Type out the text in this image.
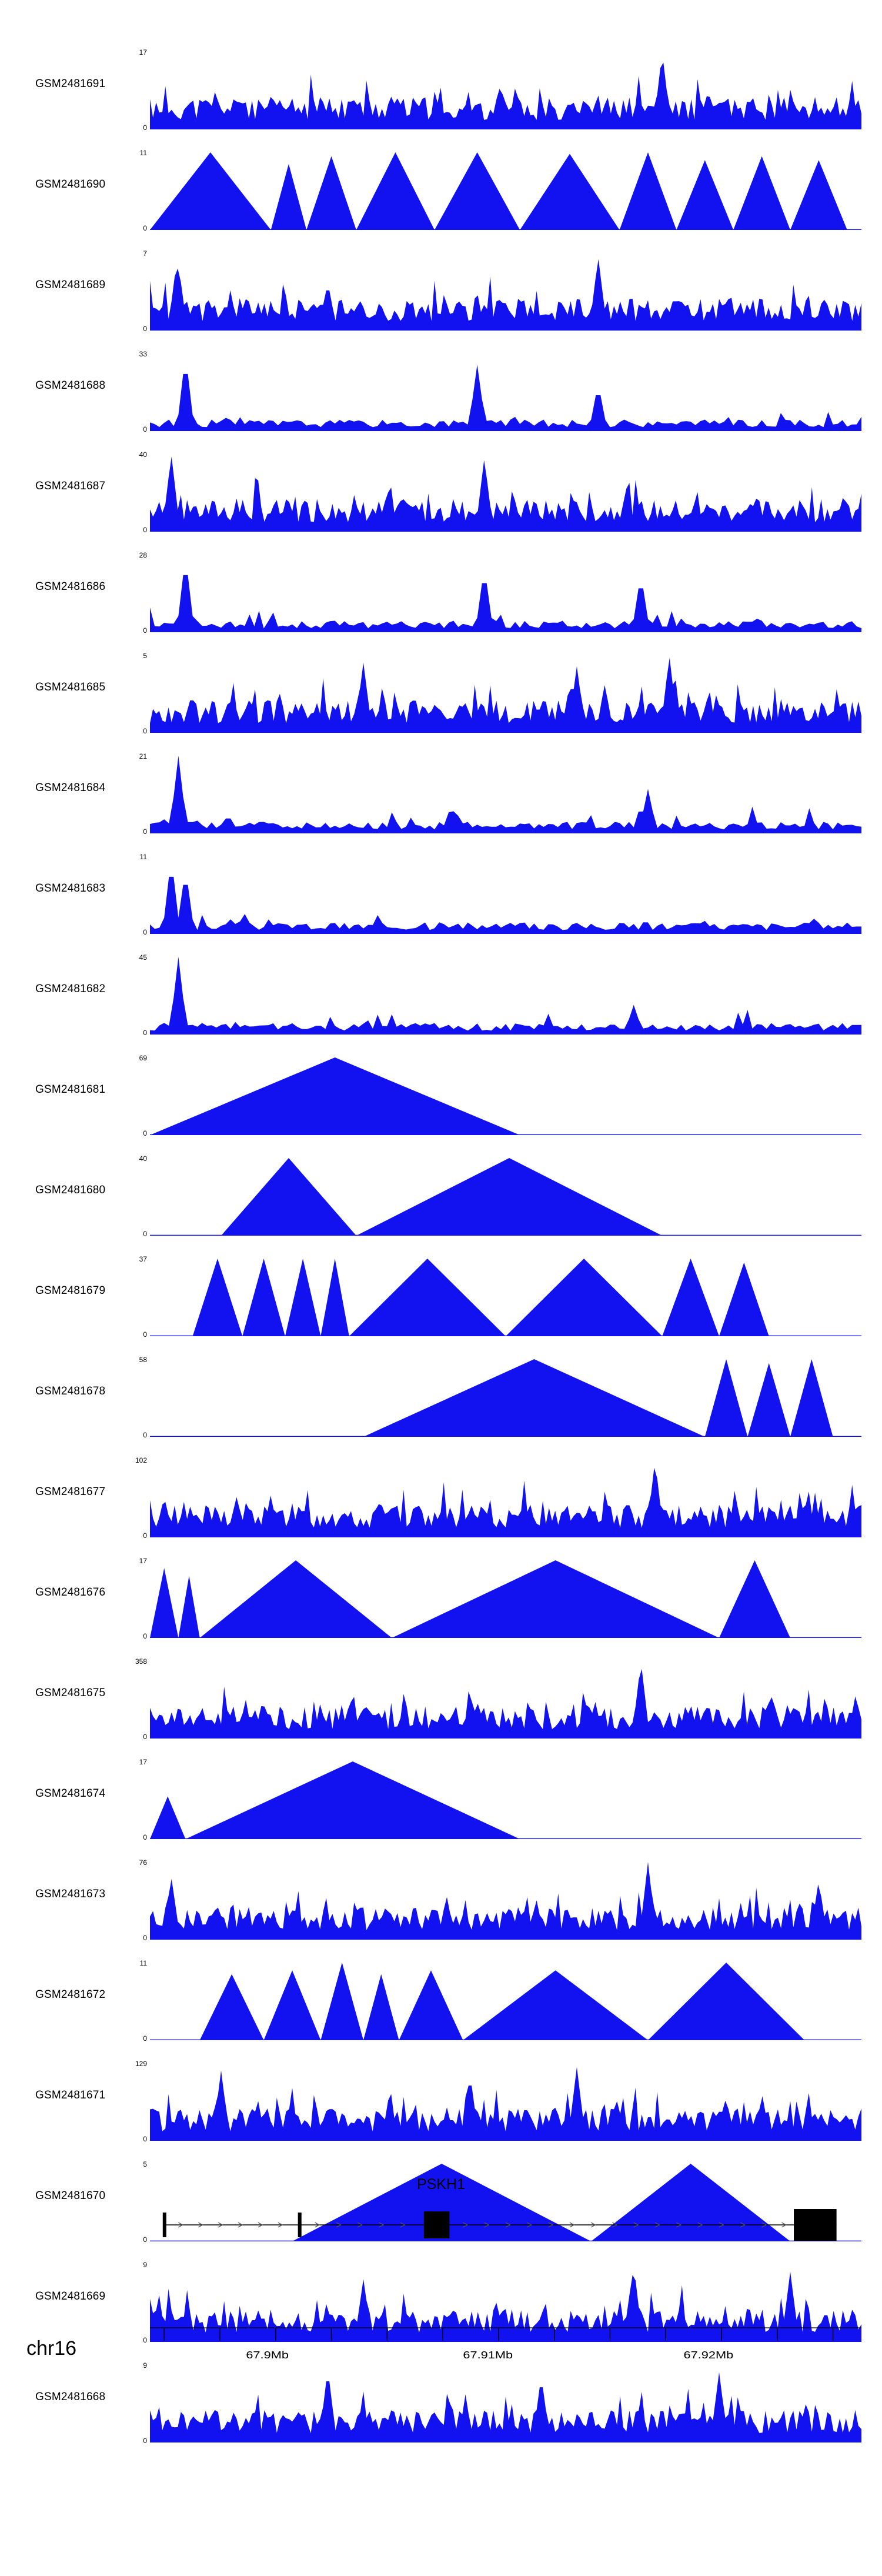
GSM2481691
17
0
GSM2481690
11
0
GSM2481689
7
0
GSM2481688
33
0
GSM2481687
40
0
GSM2481686
28
0
GSM2481685
5
0
GSM2481684
21
0
GSM2481683
11
0
GSM2481682
45
0
GSM2481681
69
0
GSM2481680
40
0
GSM2481679
37
0
GSM2481678
58
0
GSM2481677
102
0
GSM2481676
17
0
GSM2481675
358
0
GSM2481674
17
0
GSM2481673
76
0
GSM2481672
11
0
GSM2481671
129
0
GSM2481670
5
0
GSM2481669
9
0
GSM2481668
9
0
PSKH1
chr16	67.9Mb	67.91Mb	67.92Mb
